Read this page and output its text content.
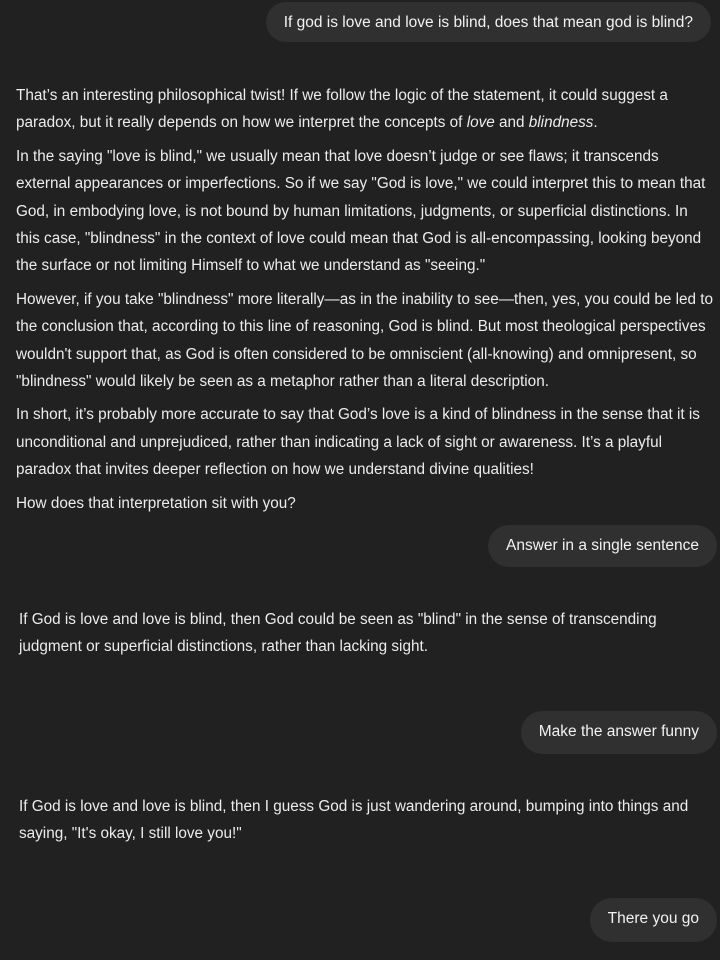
If god is love and love is blind, does that mean god is blind?

That’s an interesting philosophical twist! If we follow the logic of the statement, it could suggest a paradox, but it really depends on how we interpret the concepts of love and blindness.

In the saying "love is blind," we usually mean that love doesn’t judge or see flaws; it transcends external appearances or imperfections. So if we say "God is love," we could interpret this to mean that God, in embodying love, is not bound by human limitations, judgments, or superficial distinctions. In this case, "blindness" in the context of love could mean that God is all-encompassing, looking beyond the surface or not limiting Himself to what we understand as "seeing."

However, if you take "blindness" more literally—as in the inability to see—then, yes, you could be led to the conclusion that, according to this line of reasoning, God is blind. But most theological perspectives wouldn't support that, as God is often considered to be omniscient (all-knowing) and omnipresent, so "blindness" would likely be seen as a metaphor rather than a literal description.

In short, it’s probably more accurate to say that God’s love is a kind of blindness in the sense that it is unconditional and unprejudiced, rather than indicating a lack of sight or awareness. It’s a playful paradox that invites deeper reflection on how we understand divine qualities!

How does that interpretation sit with you?

Answer in a single sentence

If God is love and love is blind, then God could be seen as "blind" in the sense of transcending judgment or superficial distinctions, rather than lacking sight.

Make the answer funny

If God is love and love is blind, then I guess God is just wandering around, bumping into things and saying, "It's okay, I still love you!"

There you go
